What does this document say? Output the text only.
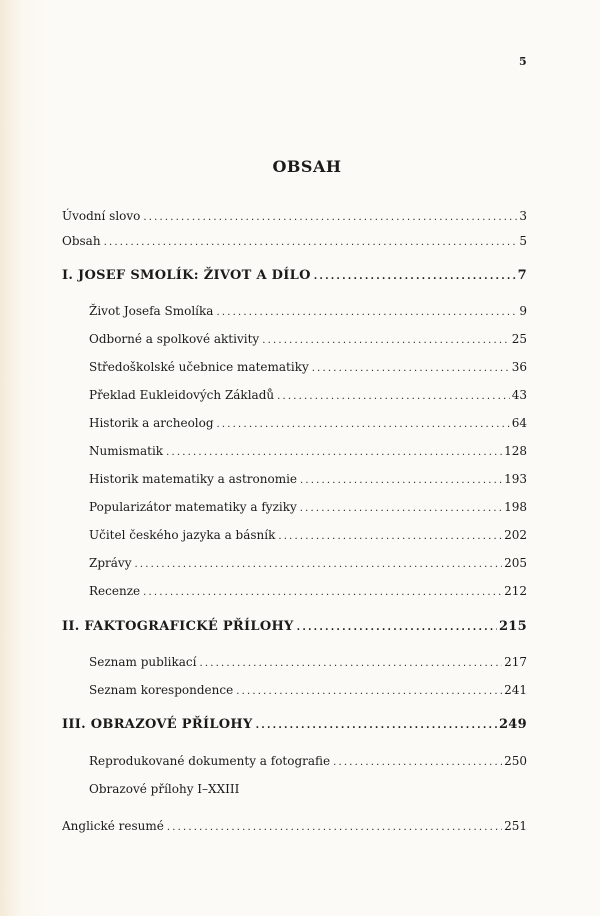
5
OBSAH
Úvodní slovo .....	3
Obsah .....	5
I. JOSEF SMOLÍK: ŽIVOT A DÍLO .....	7
Život Josefa Smolíka .....	9
Odborné a spolkové aktivity .....	25
Středoškolské učebnice matematiky .....	36
Překlad Eukleidových Základů .....	43
Historik a archeolog .....	64
Numismatik .....	128
Historik matematiky a astronomie .....	193
Popularizátor matematiky a fyziky .....	198
Učitel českého jazyka a básník .....	202
Zprávy .....	205
Recenze .....	212
II. FAKTOGRAFICKÉ PŘÍLOHY .....	215
Seznam publikací .....	217
Seznam korespondence .....	241
III. OBRAZOVÉ PŘÍLOHY .....	249
Reprodukované dokumenty a fotografie .....	250
Obrazové přílohy I–XXIII
Anglické resumé .....	251
